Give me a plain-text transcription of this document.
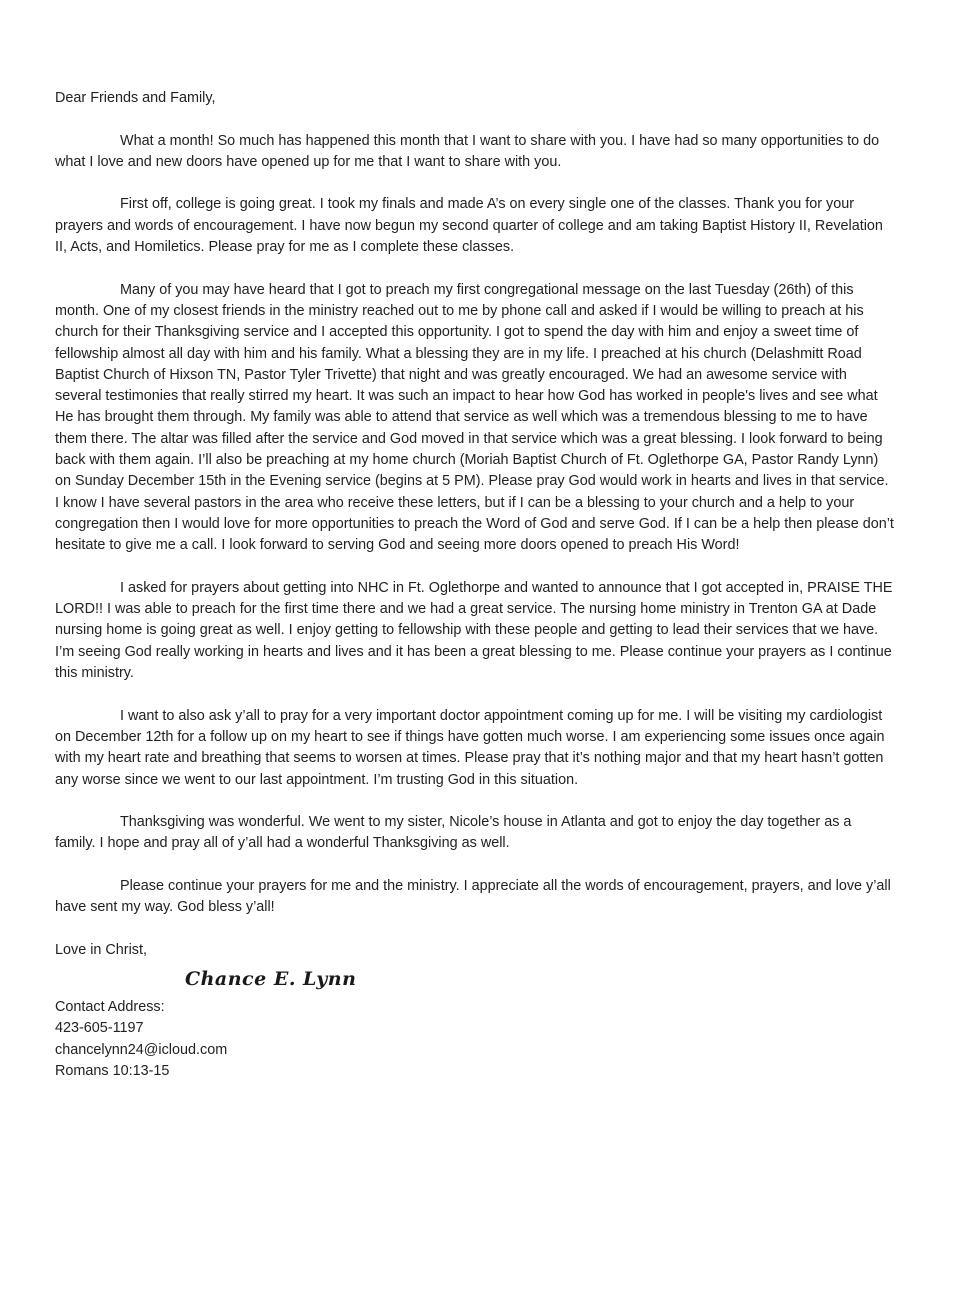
Dear Friends and Family,

What a month! So much has happened this month that I want to share with you. I have had so many opportunities to do what I love and new doors have opened up for me that I want to share with you.

First off, college is going great. I took my finals and made A’s on every single one of the classes. Thank you for your prayers and words of encouragement. I have now begun my second quarter of college and am taking Baptist History II, Revelation II, Acts, and Homiletics. Please pray for me as I complete these classes.

Many of you may have heard that I got to preach my first congregational message on the last Tuesday (26th) of this month. One of my closest friends in the ministry reached out to me by phone call and asked if I would be willing to preach at his church for their Thanksgiving service and I accepted this opportunity. I got to spend the day with him and enjoy a sweet time of fellowship almost all day with him and his family. What a blessing they are in my life. I preached at his church (Delashmitt Road Baptist Church of Hixson TN, Pastor Tyler Trivette) that night and was greatly encouraged. We had an awesome service with several testimonies that really stirred my heart. It was such an impact to hear how God has worked in people's lives and see what He has brought them through. My family was able to attend that service as well which was a tremendous blessing to me to have them there. The altar was filled after the service and God moved in that service which was a great blessing. I look forward to being back with them again. I’ll also be preaching at my home church (Moriah Baptist Church of Ft. Oglethorpe GA, Pastor Randy Lynn) on Sunday December 15th in the Evening service (begins at 5 PM). Please pray God would work in hearts and lives in that service. I know I have several pastors in the area who receive these letters, but if I can be a blessing to your church and a help to your congregation then I would love for more opportunities to preach the Word of God and serve God. If I can be a help then please don’t hesitate to give me a call. I look forward to serving God and seeing more doors opened to preach His Word!

I asked for prayers about getting into NHC in Ft. Oglethorpe and wanted to announce that I got accepted in, PRAISE THE LORD!! I was able to preach for the first time there and we had a great service. The nursing home ministry in Trenton GA at Dade nursing home is going great as well. I enjoy getting to fellowship with these people and getting to lead their services that we have. I’m seeing God really working in hearts and lives and it has been a great blessing to me. Please continue your prayers as I continue this ministry.

I want to also ask y’all to pray for a very important doctor appointment coming up for me. I will be visiting my cardiologist on December 12th for a follow up on my heart to see if things have gotten much worse. I am experiencing some issues once again with my heart rate and breathing that seems to worsen at times. Please pray that it’s nothing major and that my heart hasn’t gotten any worse since we went to our last appointment. I’m trusting God in this situation.

Thanksgiving was wonderful. We went to my sister, Nicole’s house in Atlanta and got to enjoy the day together as a family. I hope and pray all of y’all had a wonderful Thanksgiving as well.

Please continue your prayers for me and the ministry. I appreciate all the words of encouragement, prayers, and love y’all have sent my way. God bless y’all!

Love in Christ,

Chance E. Lynn
Contact Address:
423-605-1197
chancelynn24@icloud.com
Romans 10:13-15
